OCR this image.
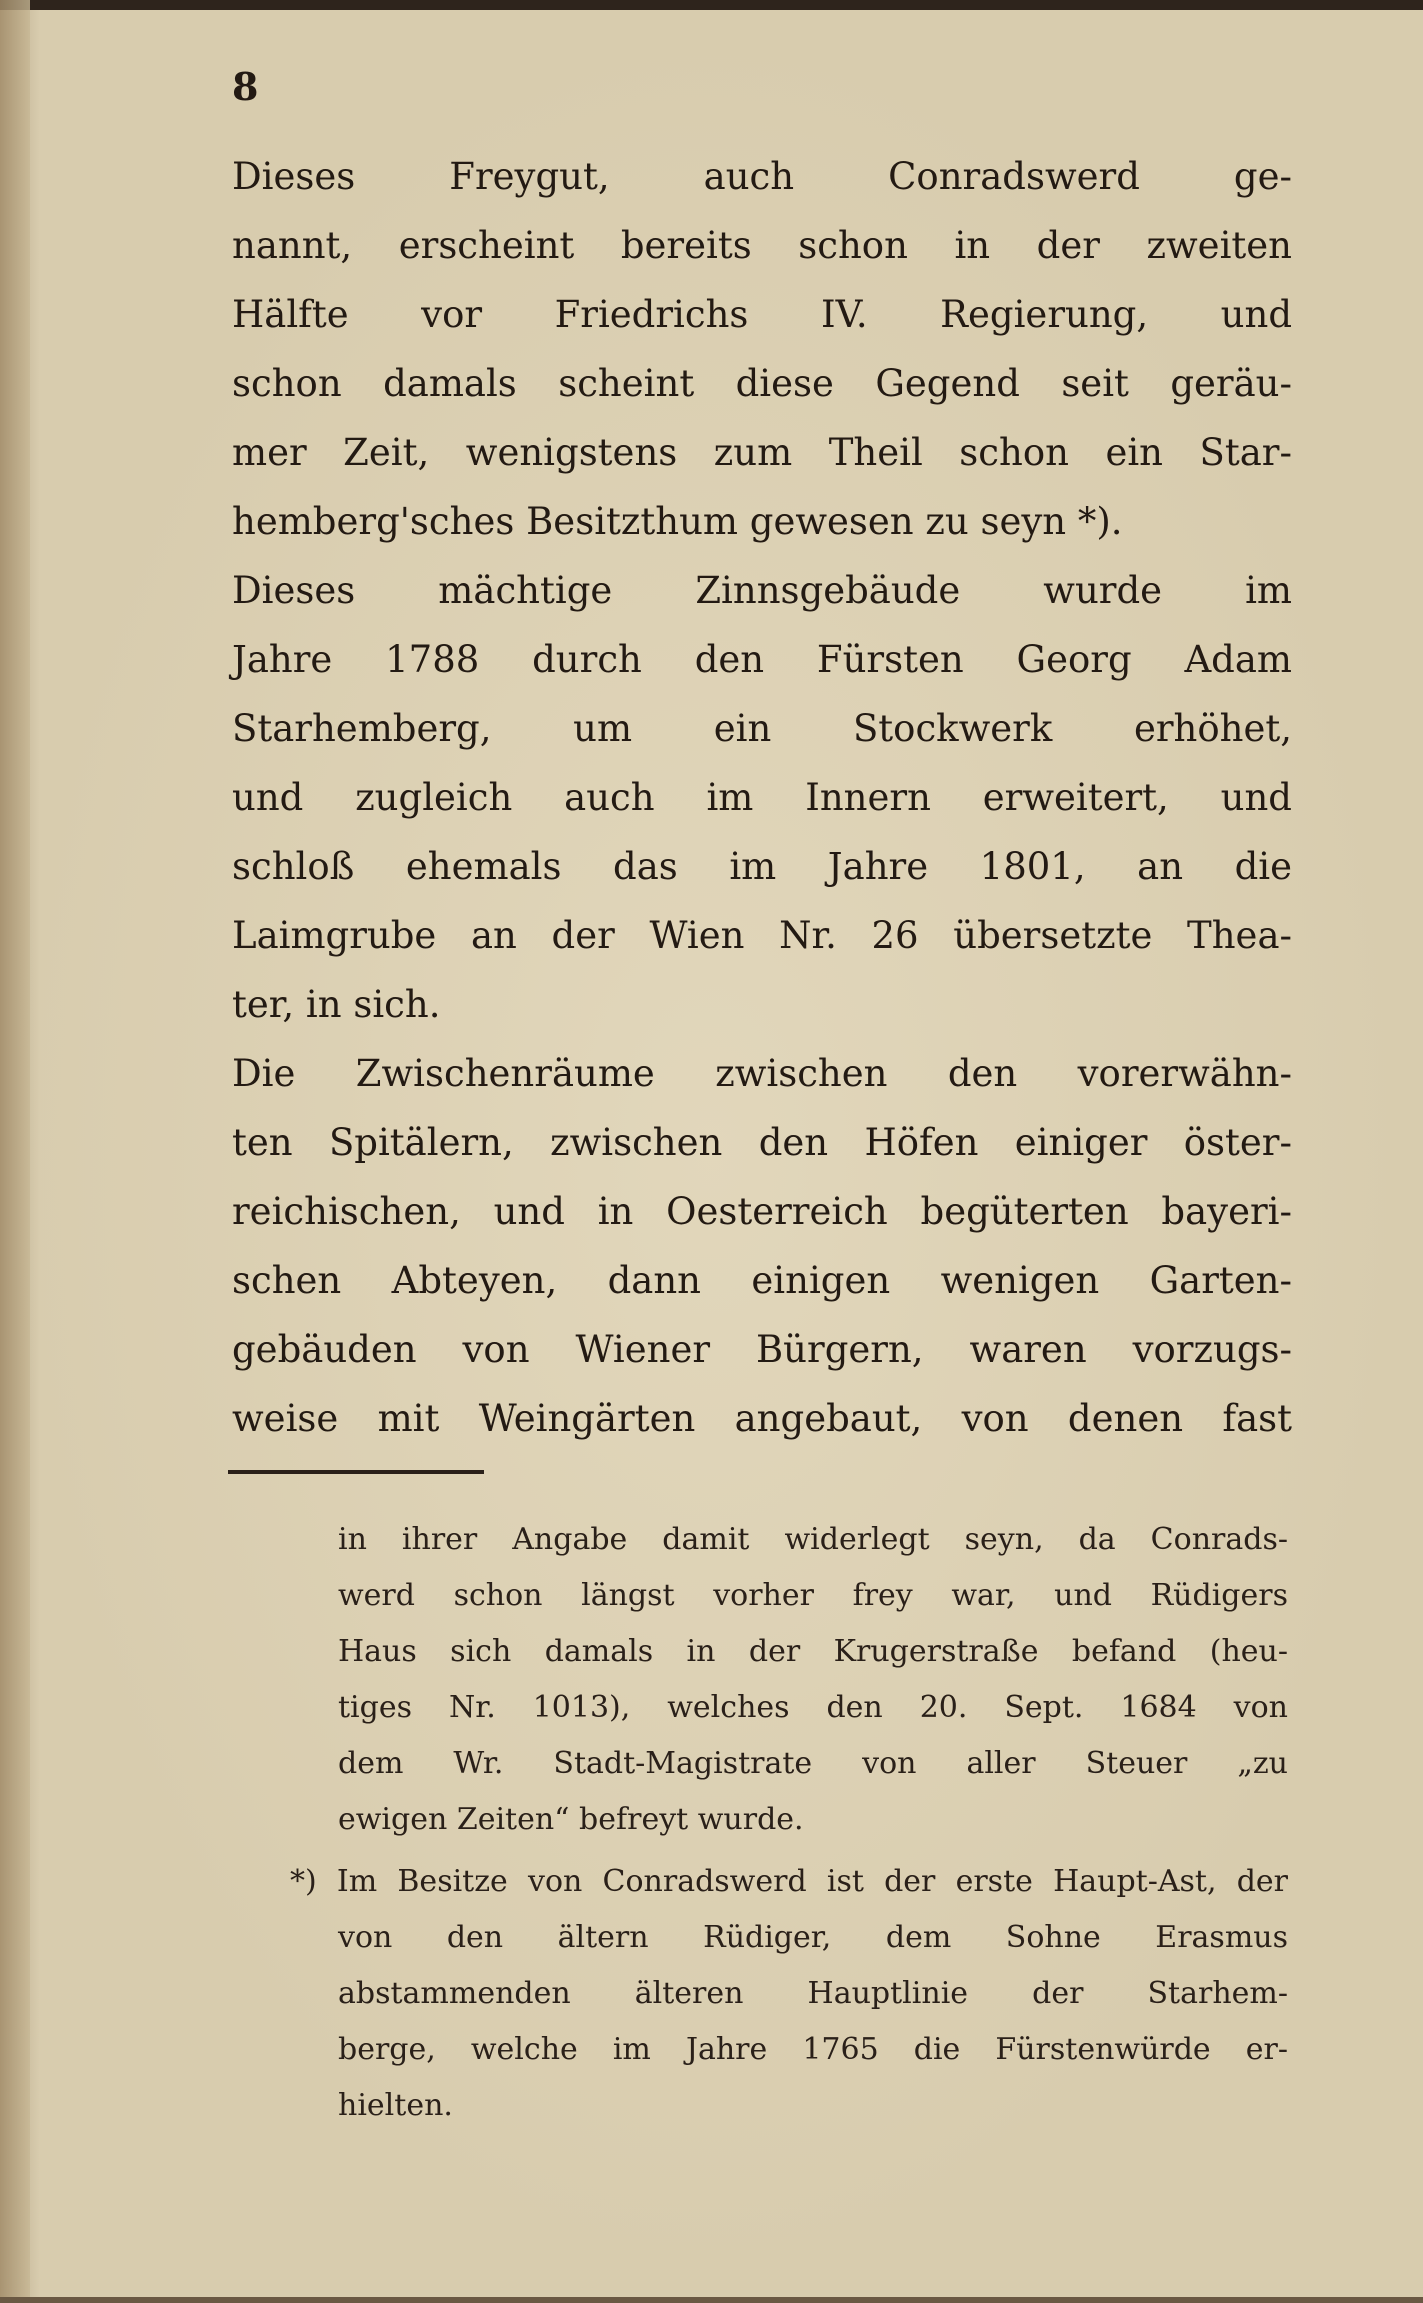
8
Dieses Freygut, auch Conradswerd ge-
nannt, erscheint bereits schon in der zweiten
Hälfte vor Friedrichs IV. Regierung, und
schon damals scheint diese Gegend seit geräu-
mer Zeit, wenigstens zum Theil schon ein Star-
hemberg'sches Besitzthum gewesen zu seyn *).
Dieses mächtige Zinnsgebäude wurde im
Jahre 1788 durch den Fürsten Georg Adam
Starhemberg, um ein Stockwerk erhöhet,
und zugleich auch im Innern erweitert, und
schloß ehemals das im Jahre 1801, an die
Laimgrube an der Wien Nr. 26 übersetzte Thea-
ter, in sich.
Die Zwischenräume zwischen den vorerwähn-
ten Spitälern, zwischen den Höfen einiger öster-
reichischen, und in Oesterreich begüterten bayeri-
schen Abteyen, dann einigen wenigen Garten-
gebäuden von Wiener Bürgern, waren vorzugs-
weise mit Weingärten angebaut, von denen fast
in ihrer Angabe damit widerlegt seyn, da Conrads-
werd schon längst vorher frey war, und Rüdigers
Haus sich damals in der Krugerstraße befand (heu-
tiges Nr. 1013), welches den 20. Sept. 1684 von
dem Wr. Stadt-Magistrate von aller Steuer „zu
ewigen Zeiten“ befreyt wurde.
*) Im Besitze von Conradswerd ist der erste Haupt-Ast, der
von den ältern Rüdiger, dem Sohne Erasmus
abstammenden älteren Hauptlinie der Starhem-
berge, welche im Jahre 1765 die Fürstenwürde er-
hielten.
